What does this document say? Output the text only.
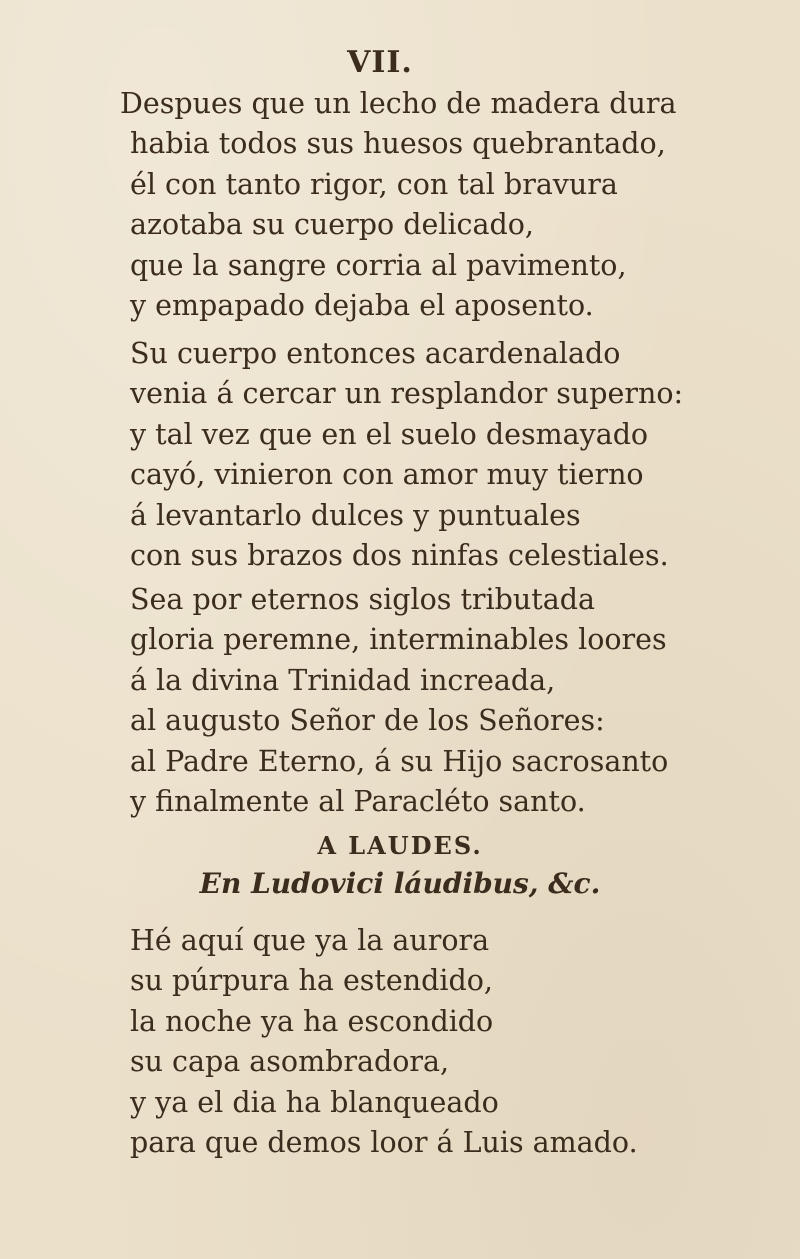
VII.
Despues que un lecho de madera dura
habia todos sus huesos quebrantado,
él con tanto rigor, con tal bravura
azotaba su cuerpo delicado,
que la sangre corria al pavimento,
y empapado dejaba el aposento.
Su cuerpo entonces acardenalado
venia á cercar un resplandor superno:
y tal vez que en el suelo desmayado
cayó, vinieron con amor muy tierno
á levantarlo dulces y puntuales
con sus brazos dos ninfas celestiales.
Sea por eternos siglos tributada
gloria peremne, interminables loores
á la divina Trinidad increada,
al augusto Señor de los Señores:
al Padre Eterno, á su Hijo sacrosanto
y finalmente al Paracléto santo.
A LAUDES.
En Ludovici láudibus, &c.
Hé aquí que ya la aurora
su púrpura ha estendido,
la noche ya ha escondido
su capa asombradora,
y ya el dia ha blanqueado
para que demos loor á Luis amado.
